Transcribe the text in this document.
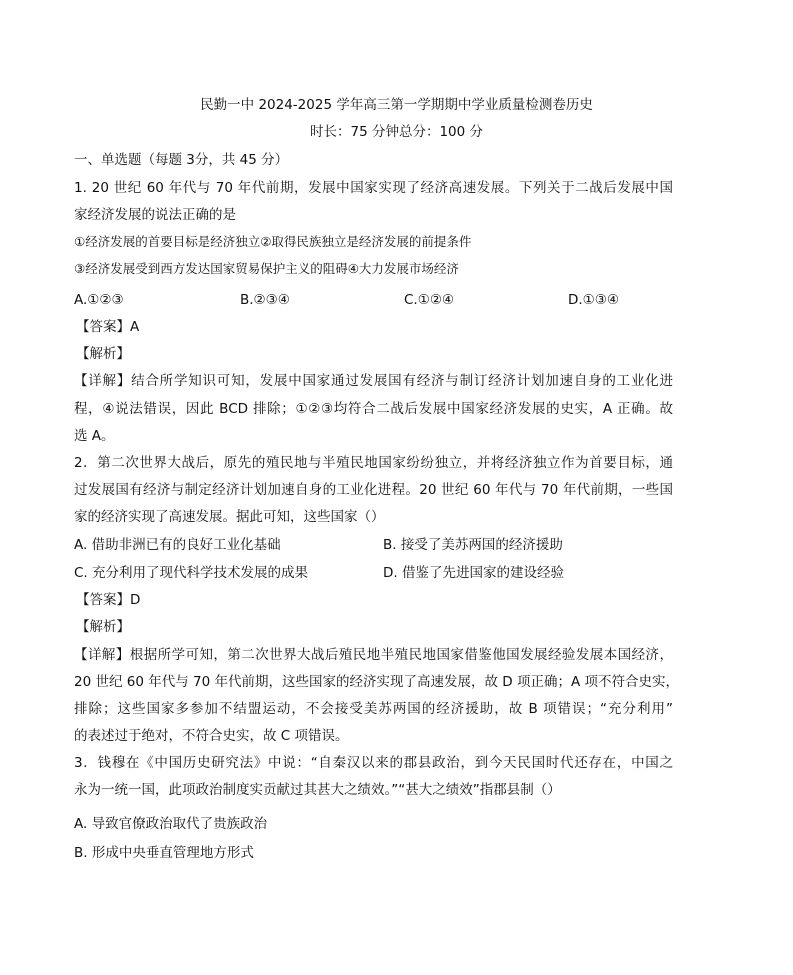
民勤一中 2024-2025 学年高三第一学期期中学业质量检测卷历史
时长：75 分钟总分：100 分
一、单选题（每题 3分，共 45 分）
1. 20 世纪 60 年代与 70 年代前期，发展中国家实现了经济高速发展。下列关于二战后发展中国
家经济发展的说法正确的是
①经济发展的首要目标是经济独立②取得民族独立是经济发展的前提条件
③经济发展受到西方发达国家贸易保护主义的阻碍④大力发展市场经济
A.①②③	B.②③④	C.①②④	D.①③④
【答案】A
【解析】
【详解】结合所学知识可知，发展中国家通过发展国有经济与制订经济计划加速自身的工业化进
程，④说法错误，因此 BCD 排除；①②③均符合二战后发展中国家经济发展的史实，A 正确。故
选 A。
2．第二次世界大战后，原先的殖民地与半殖民地国家纷纷独立，并将经济独立作为首要目标，通
过发展国有经济与制定经济计划加速自身的工业化进程。20 世纪 60 年代与 70 年代前期，一些国
家的经济实现了高速发展。据此可知，这些国家（）
A. 借助非洲已有的良好工业化基础	B. 接受了美苏两国的经济援助
C. 充分利用了现代科学技术发展的成果	D. 借鉴了先进国家的建设经验
【答案】D
【解析】
【详解】根据所学可知，第二次世界大战后殖民地半殖民地国家借鉴他国发展经验发展本国经济，
20 世纪 60 年代与 70 年代前期，这些国家的经济实现了高速发展，故 D 项正确；A 项不符合史实，
排除；这些国家多参加不结盟运动，不会接受美苏两国的经济援助，故 B 项错误；“充分利用”
的表述过于绝对，不符合史实，故 C 项错误。
3．钱穆在《中国历史研究法》中说：“自秦汉以来的郡县政治，到今天民国时代还存在，中国之
永为一统一国，此项政治制度实贡献过其甚大之绩效。”“甚大之绩效”指郡县制（）
A. 导致官僚政治取代了贵族政治
B. 形成中央垂直管理地方形式
